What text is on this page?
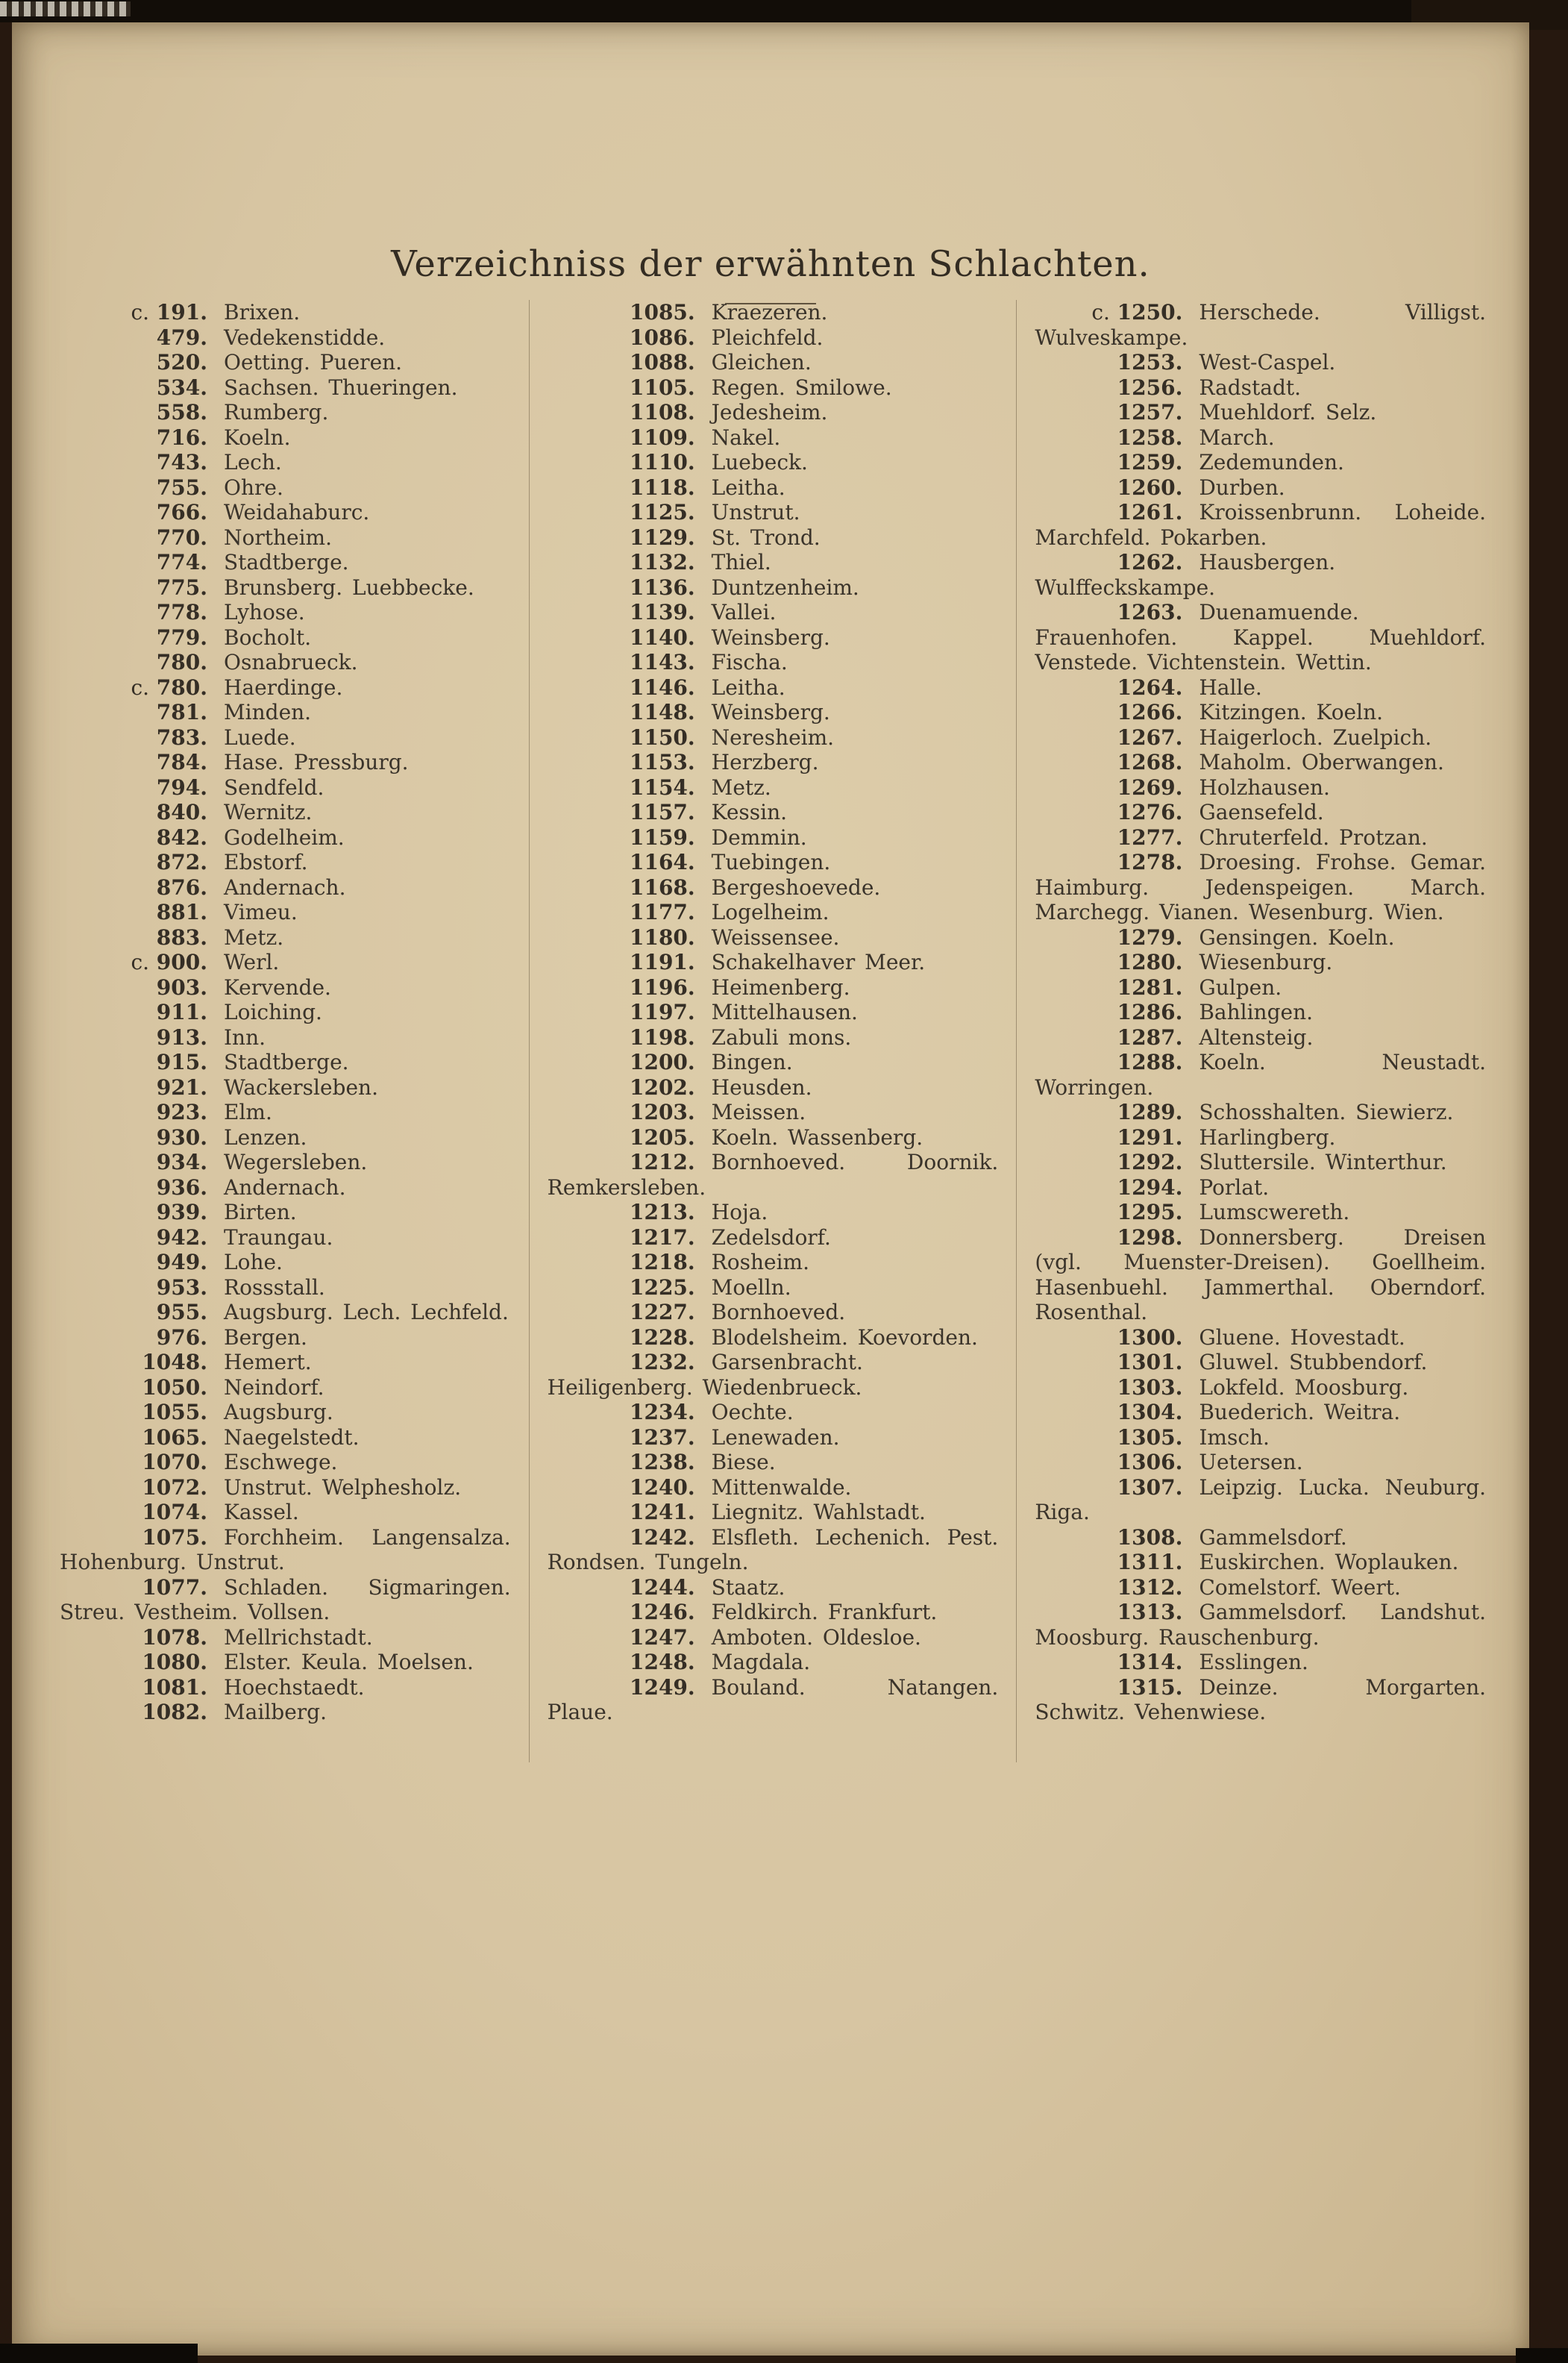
Verzeichniss der erwähnten Schlachten.

c. 191. Brixen.

479. Vedekenstidde.

520. Oetting. Pueren.

534. Sachsen. Thueringen.

558. Rumberg.

716. Koeln.

743. Lech.

755. Ohre.

766. Weidahaburc.

770. Northeim.

774. Stadtberge.

775. Brunsberg. Luebbecke.

778. Lyhose.

779. Bocholt.

780. Osnabrueck.

c. 780. Haerdinge.

781. Minden.

783. Luede.

784. Hase. Pressburg.

794. Sendfeld.

840. Wernitz.

842. Godelheim.

872. Ebstorf.

876. Andernach.

881. Vimeu.

883. Metz.

c. 900. Werl.

903. Kervende.

911. Loiching.

913. Inn.

915. Stadtberge.

921. Wackersleben.

923. Elm.

930. Lenzen.

934. Wegersleben.

936. Andernach.

939. Birten.

942. Traungau.

949. Lohe.

953. Rossstall.

955. Augsburg. Lech. Lechfeld.

976. Bergen.

1048. Hemert.

1050. Neindorf.

1055. Augsburg.

1065. Naegelstedt.

1070. Eschwege.

1072. Unstrut. Welphesholz.

1074. Kassel.

1075. Forchheim. Langensalza. Hohenburg. Unstrut.

1077. Schladen. Sigmaringen. Streu. Vestheim. Vollsen.

1078. Mellrichstadt.

1080. Elster. Keula. Moelsen.

1081. Hoechstaedt.

1082. Mailberg.

1085. Kraezeren.

1086. Pleichfeld.

1088. Gleichen.

1105. Regen. Smilowe.

1108. Jedesheim.

1109. Nakel.

1110. Luebeck.

1118. Leitha.

1125. Unstrut.

1129. St. Trond.

1132. Thiel.

1136. Duntzenheim.

1139. Vallei.

1140. Weinsberg.

1143. Fischa.

1146. Leitha.

1148. Weinsberg.

1150. Neresheim.

1153. Herzberg.

1154. Metz.

1157. Kessin.

1159. Demmin.

1164. Tuebingen.

1168. Bergeshoevede.

1177. Logelheim.

1180. Weissensee.

1191. Schakelhaver Meer.

1196. Heimenberg.

1197. Mittelhausen.

1198. Zabuli mons.

1200. Bingen.

1202. Heusden.

1203. Meissen.

1205. Koeln. Wassenberg.

1212. Bornhoeved. Doornik. Remkersleben.

1213. Hoja.

1217. Zedelsdorf.

1218. Rosheim.

1225. Moelln.

1227. Bornhoeved.

1228. Blodelsheim. Koevorden.

1232. Garsenbracht. Heiligenberg. Wiedenbrueck.

1234. Oechte.

1237. Lenewaden.

1238. Biese.

1240. Mittenwalde.

1241. Liegnitz. Wahlstadt.

1242. Elsfleth. Lechenich. Pest. Rondsen. Tungeln.

1244. Staatz.

1246. Feldkirch. Frankfurt.

1247. Amboten. Oldesloe.

1248. Magdala.

1249. Bouland. Natangen. Plaue.

c. 1250. Herschede. Villigst. Wulveskampe.

1253. West-Caspel.

1256. Radstadt.

1257. Muehldorf. Selz.

1258. March.

1259. Zedemunden.

1260. Durben.

1261. Kroissenbrunn. Loheide. Marchfeld. Pokarben.

1262. Hausbergen. Wulffeckskampe.

1263. Duenamuende. Frauenhofen. Kappel. Muehldorf. Venstede. Vichtenstein. Wettin.

1264. Halle.

1266. Kitzingen. Koeln.

1267. Haigerloch. Zuelpich.

1268. Maholm. Oberwangen.

1269. Holzhausen.

1276. Gaensefeld.

1277. Chruterfeld. Protzan.

1278. Droesing. Frohse. Gemar. Haimburg. Jedenspeigen. March. Marchegg. Vianen. Wesenburg. Wien.

1279. Gensingen. Koeln.

1280. Wiesenburg.

1281. Gulpen.

1286. Bahlingen.

1287. Altensteig.

1288. Koeln. Neustadt. Worringen.

1289. Schosshalten. Siewierz.

1291. Harlingberg.

1292. Sluttersile. Winterthur.

1294. Porlat.

1295. Lumscwereth.

1298. Donnersberg. Dreisen (vgl. Muenster-Dreisen). Goellheim. Hasenbuehl. Jammerthal. Oberndorf. Rosenthal.

1300. Gluene. Hovestadt.

1301. Gluwel. Stubbendorf.

1303. Lokfeld. Moosburg.

1304. Buederich. Weitra.

1305. Imsch.

1306. Uetersen.

1307. Leipzig. Lucka. Neuburg. Riga.

1308. Gammelsdorf.

1311. Euskirchen. Woplauken.

1312. Comelstorf. Weert.

1313. Gammelsdorf. Landshut. Moosburg. Rauschenburg.

1314. Esslingen.

1315. Deinze. Morgarten. Schwitz. Vehenwiese.
